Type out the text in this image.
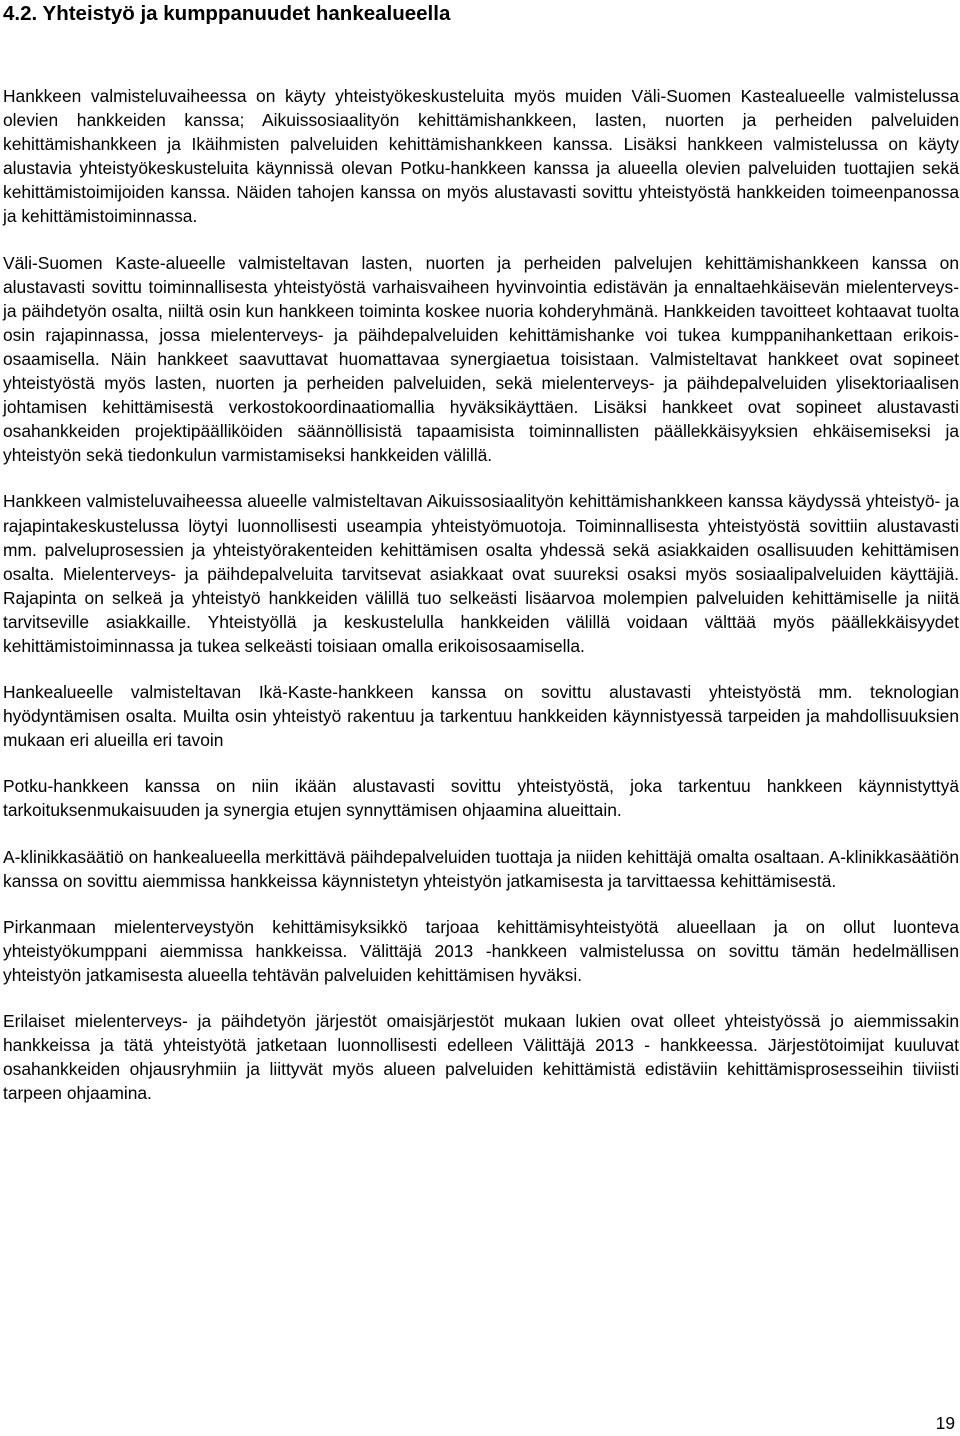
4.2. Yhteistyö ja kumppanuudet hankealueella

Hankkeen valmisteluvaiheessa on käyty yhteistyökeskusteluita myös muiden Väli-Suomen Kastealueelle valmistelussa olevien hankkeiden kanssa; Aikuissosiaalityön kehittämishankkeen, lasten, nuorten ja perheiden palveluiden kehittämishankkeen ja Ikäihmisten palveluiden kehittämishankkeen kanssa. Lisäksi hankkeen valmistelussa on käyty alustavia yhteistyökeskusteluita käynnissä olevan Potku-hankkeen kanssa ja alueella olevien palveluiden tuottajien sekä kehittämistoimijoiden kanssa. Näiden tahojen kanssa on myös alustavasti sovittu yhteistyöstä hankkeiden toimeenpanossa ja kehittämistoiminnassa.

Väli-Suomen Kaste-alueelle valmisteltavan lasten, nuorten ja perheiden palvelujen kehittämishankkeen kanssa on alustavasti sovittu toiminnallisesta yhteistyöstä varhaisvaiheen hyvinvointia edistävän ja ennaltaehkäisevän mielenterveys- ja päihdetyön osalta, niiltä osin kun hankkeen toiminta koskee nuoria kohderyhmänä. Hankkeiden tavoitteet kohtaavat tuolta osin rajapinnassa, jossa mielenterveys- ja päihdepalveluiden kehittämishanke voi tukea kumppanihankettaan erikoisosaamisella. Näin hankkeet saavuttavat huomattavaa synergiaetua toisistaan. Valmisteltavat hankkeet ovat sopineet yhteistyöstä myös lasten, nuorten ja perheiden palveluiden, sekä mielenterveys- ja päihdepalveluiden ylisektoriaalisen johtamisen kehittämisestä verkostokoordinaatiomallia hyväksikäyttäen. Lisäksi hankkeet ovat sopineet alustavasti osahankkeiden projektipäälliköiden säännöllisistä tapaamisista toiminnallisten päällekkäisyyksien ehkäisemiseksi ja yhteistyön sekä tiedonkulun varmistamiseksi hankkeiden välillä.

Hankkeen valmisteluvaiheessa alueelle valmisteltavan Aikuissosiaalityön kehittämishankkeen kanssa käydyssä yhteistyö- ja rajapintakeskustelussa löytyi luonnollisesti useampia yhteistyömuotoja. Toiminnallisesta yhteistyöstä sovittiin alustavasti mm. palveluprosessien ja yhteistyörakenteiden kehittämisen osalta yhdessä sekä asiakkaiden osallisuuden kehittämisen osalta. Mielenterveys- ja päihdepalveluita tarvitsevat asiakkaat ovat suureksi osaksi myös sosiaalipalveluiden käyttäjiä. Rajapinta on selkeä ja yhteistyö hankkeiden välillä tuo selkeästi lisäarvoa molempien palveluiden kehittämiselle ja niitä tarvitseville asiakkaille. Yhteistyöllä ja keskustelulla hankkeiden välillä voidaan välttää myös päällekkäisyydet kehittämistoiminnassa ja tukea selkeästi toisiaan omalla erikoisosaamisella.

Hankealueelle valmisteltavan Ikä-Kaste-hankkeen kanssa on sovittu alustavasti yhteistyöstä mm. teknologian hyödyntämisen osalta. Muilta osin yhteistyö rakentuu ja tarkentuu hankkeiden käynnistyessä tarpeiden ja mahdollisuuksien mukaan eri alueilla eri tavoin

Potku-hankkeen kanssa on niin ikään alustavasti sovittu yhteistyöstä, joka tarkentuu hankkeen käynnistyttyä tarkoituksenmukaisuuden ja synergia etujen synnyttämisen ohjaamina alueittain.

A-klinikkasäätiö on hankealueella merkittävä päihdepalveluiden tuottaja ja niiden kehittäjä omalta osaltaan. A-klinikkasäätiön kanssa on sovittu aiemmissa hankkeissa käynnistetyn yhteistyön jatkamisesta ja tarvittaessa kehittämisestä.

Pirkanmaan mielenterveystyön kehittämisyksikkö tarjoaa kehittämisyhteistyötä alueellaan ja on ollut luonteva yhteistyökumppani aiemmissa hankkeissa. Välittäjä 2013 -hankkeen valmistelussa on sovittu tämän hedelmällisen yhteistyön jatkamisesta alueella tehtävän palveluiden kehittämisen hyväksi.

Erilaiset mielenterveys- ja päihdetyön järjestöt omaisjärjestöt mukaan lukien ovat olleet yhteistyössä jo aiemmissakin hankkeissa ja tätä yhteistyötä jatketaan luonnollisesti edelleen Välittäjä 2013 - hankkeessa. Järjestötoimijat kuuluvat osahankkeiden ohjausryhmiin ja liittyvät myös alueen palveluiden kehittämistä edistäviin kehittämisprosesseihin tiiviisti tarpeen ohjaamina.

19
